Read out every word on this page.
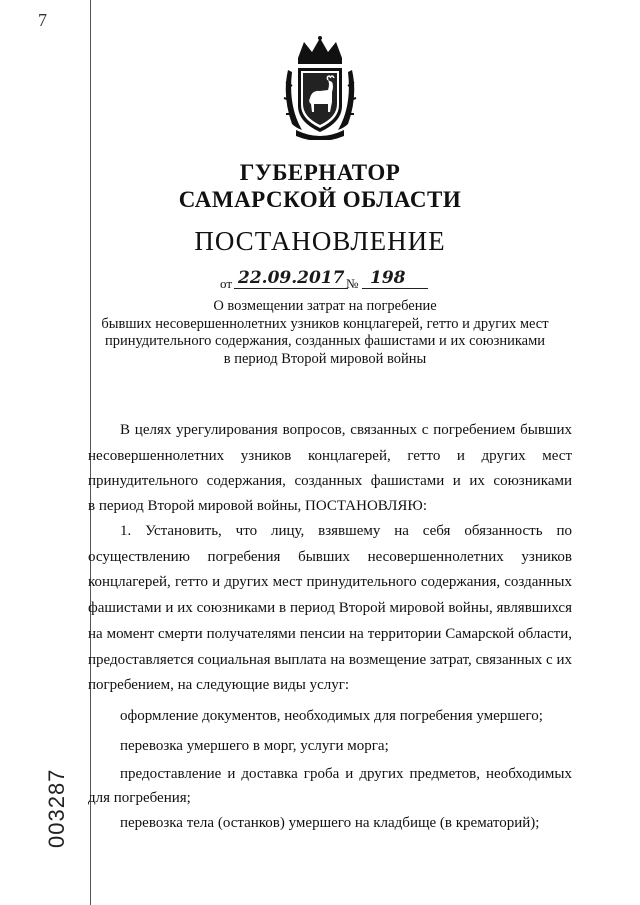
7
ГУБЕРНАТОР
САМАРСКОЙ ОБЛАСТИ
ПОСТАНОВЛЕНИЕ
от 22.09.2017 № 198
О возмещении затрат на погребение
бывших несовершеннолетних узников концлагерей, гетто и других мест
принудительного содержания, созданных фашистами и их союзниками
в период Второй мировой войны
В целях урегулирования вопросов, связанных с погребением бывших
несовершеннолетних узников концлагерей, гетто и других мест
принудительного содержания, созданных фашистами и их союзниками
в период Второй мировой войны, ПОСТАНОВЛЯЮ:
1. Установить, что лицу, взявшему на себя обязанность по
осуществлению погребения бывших несовершеннолетних узников
концлагерей, гетто и других мест принудительного содержания, созданных
фашистами и их союзниками в период Второй мировой войны, являвшихся
на момент смерти получателями пенсии на территории Самарской области,
предоставляется социальная выплата на возмещение затрат, связанных с их
погребением, на следующие виды услуг:
оформление документов, необходимых для погребения умершего;
перевозка умершего в морг, услуги морга;
предоставление и доставка гроба и других предметов, необходимых
для погребения;
перевозка тела (останков) умершего на кладбище (в крематорий);
003287
